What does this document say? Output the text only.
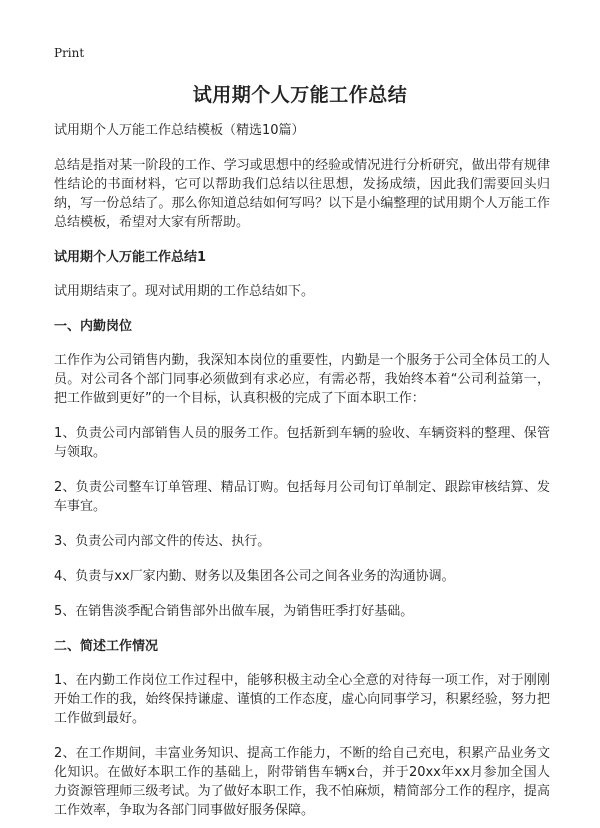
Print
试用期个人万能工作总结

试用期个人万能工作总结模板（精选10篇）

总结是指对某一阶段的工作、学习或思想中的经验或情况进行分析研究，做出带有规律性结论的书面材料，它可以帮助我们总结以往思想，发扬成绩，因此我们需要回头归纳，写一份总结了。那么你知道总结如何写吗？以下是小编整理的试用期个人万能工作总结模板，希望对大家有所帮助。

试用期个人万能工作总结1

试用期结束了。现对试用期的工作总结如下。

一、内勤岗位

工作作为公司销售内勤，我深知本岗位的重要性，内勤是一个服务于公司全体员工的人员。对公司各个部门同事必须做到有求必应，有需必帮，我始终本着“公司利益第一，把工作做到更好”的一个目标，认真积极的完成了下面本职工作：

1、负责公司内部销售人员的服务工作。包括新到车辆的验收、车辆资料的整理、保管与领取。

2、负责公司整车订单管理、精品订购。包括每月公司旬订单制定、跟踪审核结算、发车事宜。

3、负责公司内部文件的传达、执行。

4、负责与xx厂家内勤、财务以及集团各公司之间各业务的沟通协调。

5、在销售淡季配合销售部外出做车展，为销售旺季打好基础。

二、简述工作情况

1、在内勤工作岗位工作过程中，能够积极主动全心全意的对待每一项工作，对于刚刚开始工作的我，始终保持谦虚、谨慎的工作态度，虚心向同事学习，积累经验，努力把工作做到最好。

2、在工作期间，丰富业务知识、提高工作能力，不断的给自己充电，积累产品业务文化知识。在做好本职工作的基础上，附带销售车辆x台，并于20xx年xx月参加全国人力资源管理师三级考试。为了做好本职工作，我不怕麻烦，精简部分工作的程序，提高工作效率，争取为各部门同事做好服务保障。
